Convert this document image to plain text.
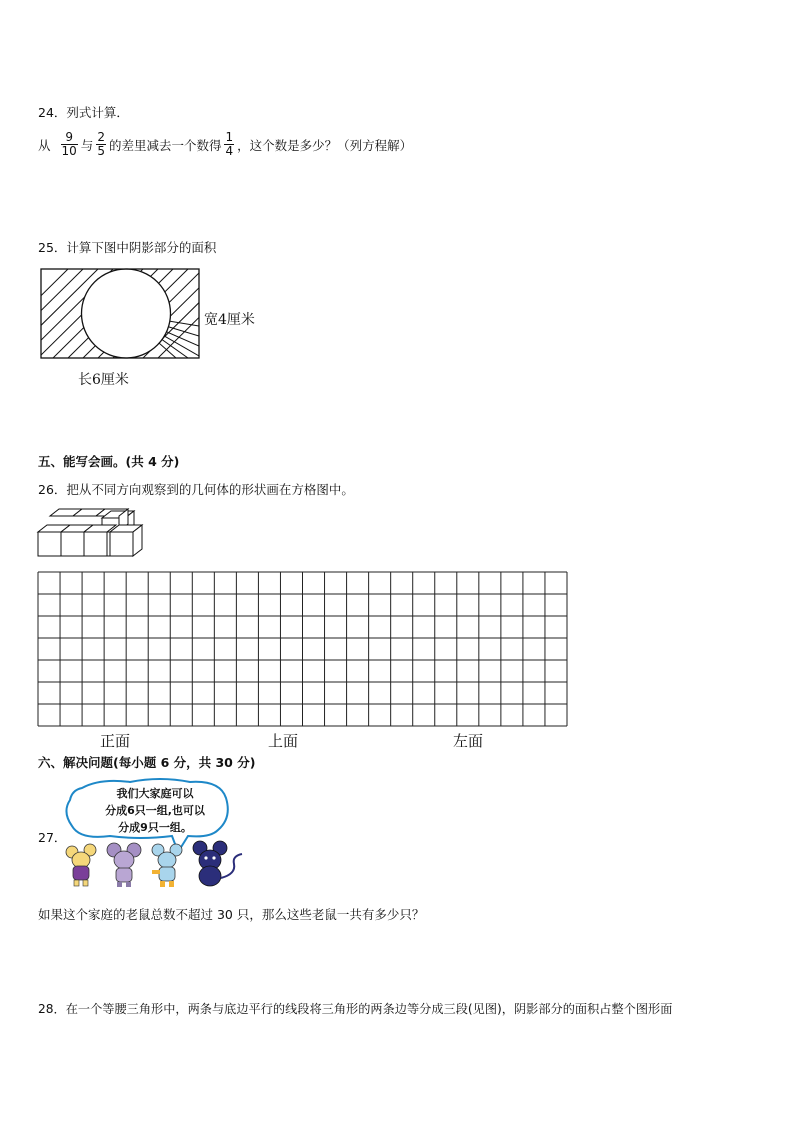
24．列式计算．
从 $\frac{9}{10}$ 与 $\frac{2}{5}$ 的差里减去一个数得 $\frac{1}{4}$ ，这个数是多少？（列方程解）
25．计算下图中阴影部分的面积
宽4厘米
长6厘米
五、能写会画。(共 4 分)
26．把从不同方向观察到的几何体的形状画在方格图中。
正面	上面	左面
六、解决问题(每小题 6 分，共 30 分)
我们大家庭可以
分成6只一组,也可以
分成9只一组。
27．
如果这个家庭的老鼠总数不超过 30 只，那么这些老鼠一共有多少只？
28．在一个等腰三角形中，两条与底边平行的线段将三角形的两条边等分成三段(见图)，阴影部分的面积占整个图形面
